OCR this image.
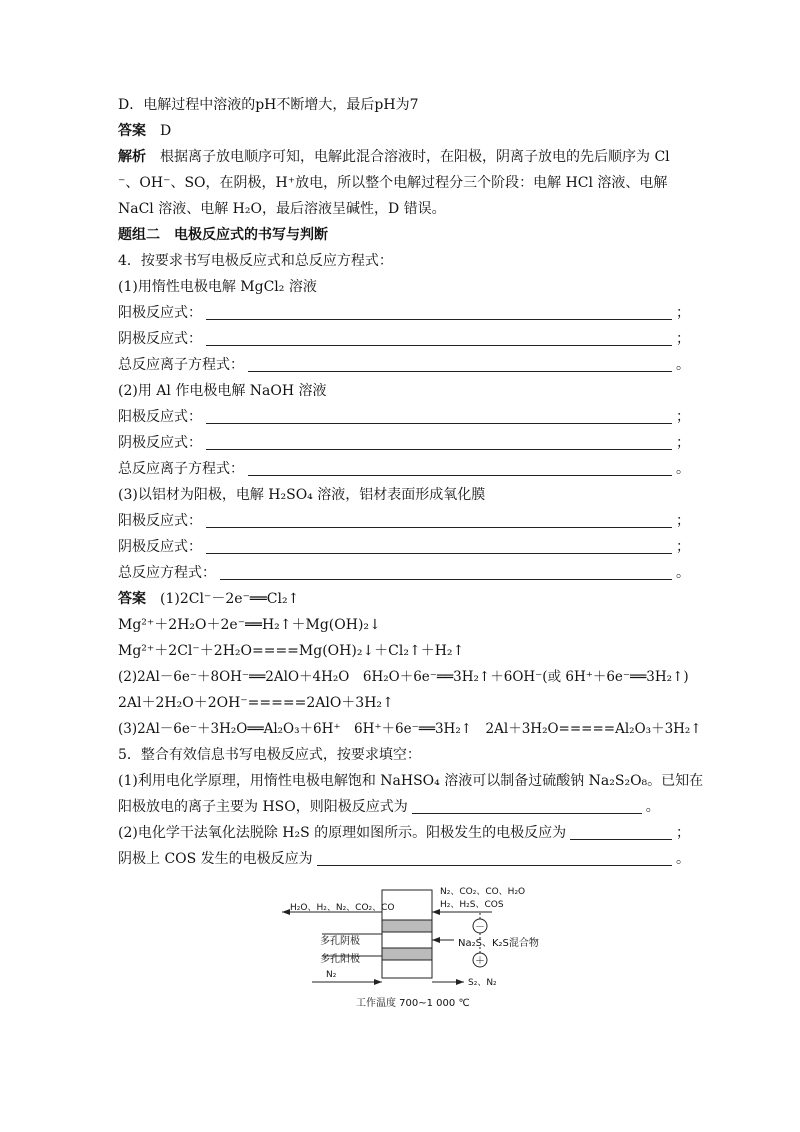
D．电解过程中溶液的pH不断增大，最后pH为7
答案 D
解析 根据离子放电顺序可知，电解此混合溶液时，在阳极，阴离子放电的先后顺序为 Cl
⁻、OH⁻、SO，在阴极，H⁺放电，所以整个电解过程分三个阶段：电解 HCl 溶液、电解
NaCl 溶液、电解 H₂O，最后溶液呈碱性，D 错误。
题组二　电极反应式的书写与判断
4．按要求书写电极反应式和总反应方程式：
(1)用惰性电极电解 MgCl₂ 溶液
阳极反应式：	；
阴极反应式：	；
总反应离子方程式：	。
(2)用 Al 作电极电解 NaOH 溶液
阳极反应式：	；
阴极反应式：	；
总反应离子方程式：	。
(3)以铝材为阳极，电解 H₂SO₄ 溶液，铝材表面形成氧化膜
阳极反应式：	；
阴极反应式：	；
总反应方程式：	。
答案 (1)2Cl⁻－2e⁻══Cl₂↑
Mg²⁺＋2H₂O＋2e⁻══H₂↑＋Mg(OH)₂↓
Mg²⁺＋2Cl⁻＋2H₂O====Mg(OH)₂↓＋Cl₂↑＋H₂↑
(2)2Al－6e⁻＋8OH⁻══2AlO＋4H₂O　6H₂O＋6e⁻══3H₂↑＋6OH⁻(或 6H⁺＋6e⁻══3H₂↑)
2Al＋2H₂O＋2OH⁻=====2AlO＋3H₂↑
(3)2Al－6e⁻＋3H₂O══Al₂O₃＋6H⁺　6H⁺＋6e⁻══3H₂↑　2Al＋3H₂O=====Al₂O₃＋3H₂↑
5．整合有效信息书写电极反应式，按要求填空：
(1)利用电化学原理，用惰性电极电解饱和 NaHSO₄ 溶液可以制备过硫酸钠 Na₂S₂O₈。已知在
阳极放电的离子主要为 HSO，则阳极反应式为	。
(2)电化学干法氧化法脱除 H₂S 的原理如图所示。阳极发生的电极反应为	；
阴极上 COS 发生的电极反应为	。
H₂O、H₂、N₂、CO₂、CO
N₂、CO₂、CO、H₂O
H₂、H₂S、COS
多孔阴极
多孔阳极
－
＋
Na₂S、K₂S混合物
N₂
S₂、N₂
工作温度 700~1 000 ℃
